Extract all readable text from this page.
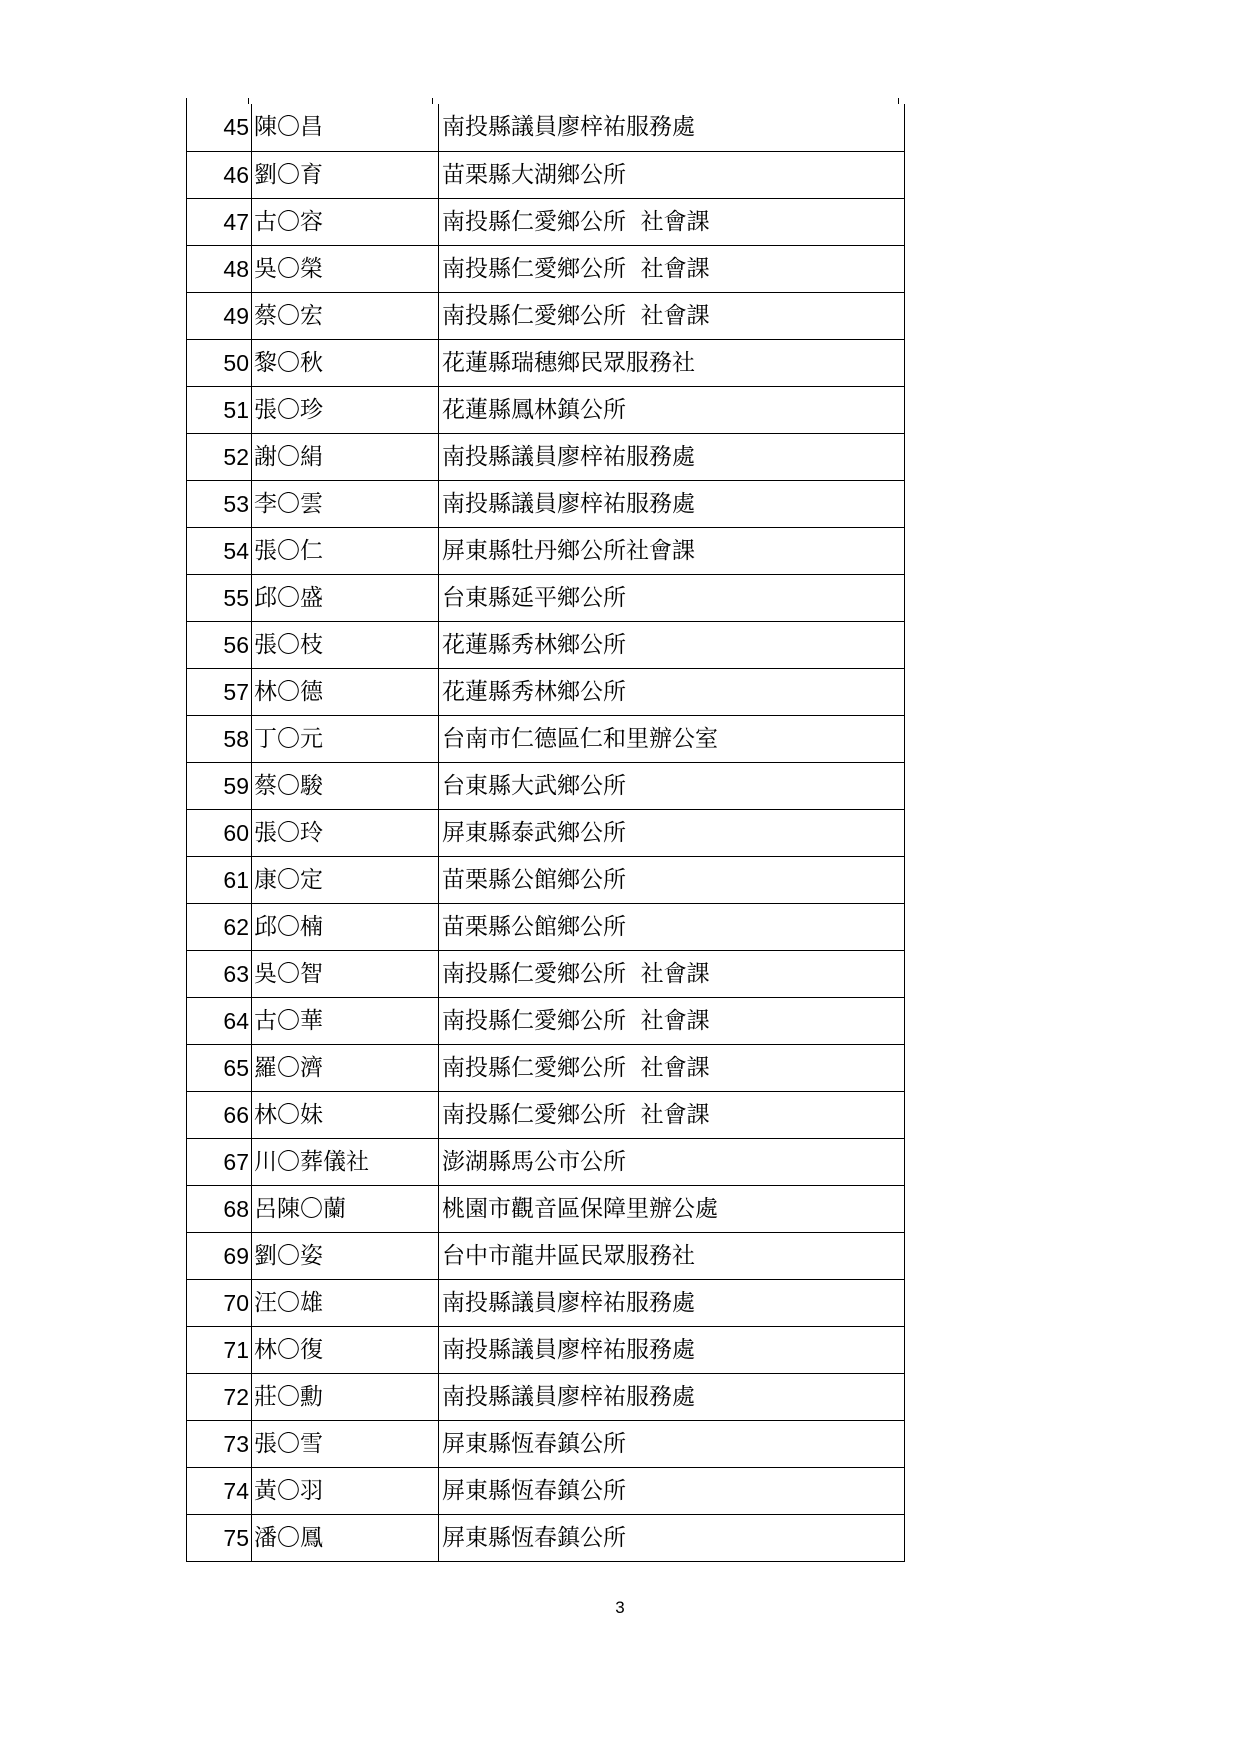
45	陳〇昌	南投縣議員廖梓祐服務處
46	劉〇育	苗栗縣大湖鄉公所
47	古〇容	南投縣仁愛鄉公所  社會課
48	吳〇榮	南投縣仁愛鄉公所  社會課
49	蔡〇宏	南投縣仁愛鄉公所  社會課
50	黎〇秋	花蓮縣瑞穗鄉民眾服務社
51	張〇珍	花蓮縣鳳林鎮公所
52	謝〇絹	南投縣議員廖梓祐服務處
53	李〇雲	南投縣議員廖梓祐服務處
54	張〇仁	屏東縣牡丹鄉公所社會課
55	邱〇盛	台東縣延平鄉公所
56	張〇枝	花蓮縣秀林鄉公所
57	林〇德	花蓮縣秀林鄉公所
58	丁〇元	台南市仁德區仁和里辦公室
59	蔡〇駿	台東縣大武鄉公所
60	張〇玲	屏東縣泰武鄉公所
61	康〇定	苗栗縣公館鄉公所
62	邱〇楠	苗栗縣公館鄉公所
63	吳〇智	南投縣仁愛鄉公所  社會課
64	古〇華	南投縣仁愛鄉公所  社會課
65	羅〇濟	南投縣仁愛鄉公所  社會課
66	林〇妹	南投縣仁愛鄉公所  社會課
67	川〇葬儀社	澎湖縣馬公市公所
68	呂陳〇蘭	桃園市觀音區保障里辦公處
69	劉〇姿	台中市龍井區民眾服務社
70	汪〇雄	南投縣議員廖梓祐服務處
71	林〇復	南投縣議員廖梓祐服務處
72	莊〇勳	南投縣議員廖梓祐服務處
73	張〇雪	屏東縣恆春鎮公所
74	黃〇羽	屏東縣恆春鎮公所
75	潘〇鳳	屏東縣恆春鎮公所
3
